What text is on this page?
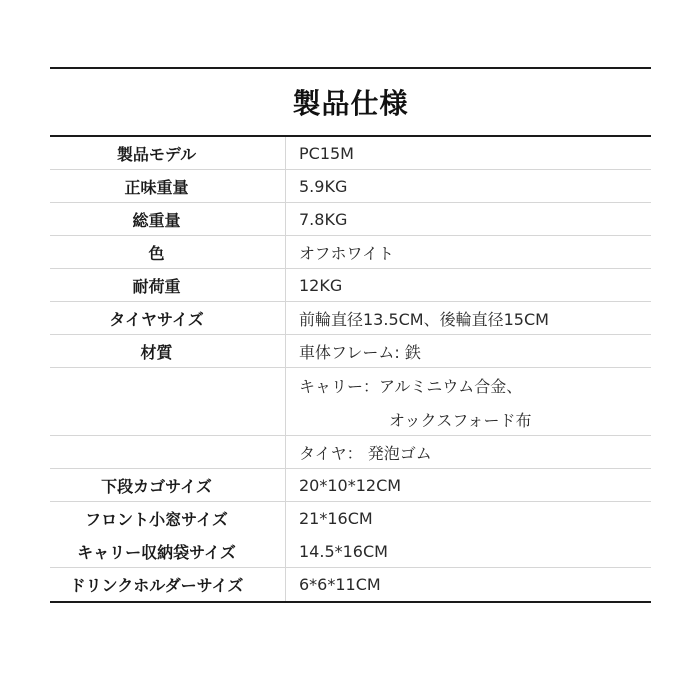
製品仕様
製品モデル	PC15M
正味重量	5.9KG
総重量	7.8KG
色	オフホワイト
耐荷重	12KG
タイヤサイズ	前輪直径13.5CM、後輪直径15CM
材質	車体フレーム: 鉄
キャリー：アルミニウム合金、
オックスフォード布
タイヤ： 発泡ゴム
下段カゴサイズ	20*10*12CM
フロント小窓サイズ	21*16CM
キャリー収納袋サイズ	14.5*16CM
ドリンクホルダーサイズ	6*6*11CM
